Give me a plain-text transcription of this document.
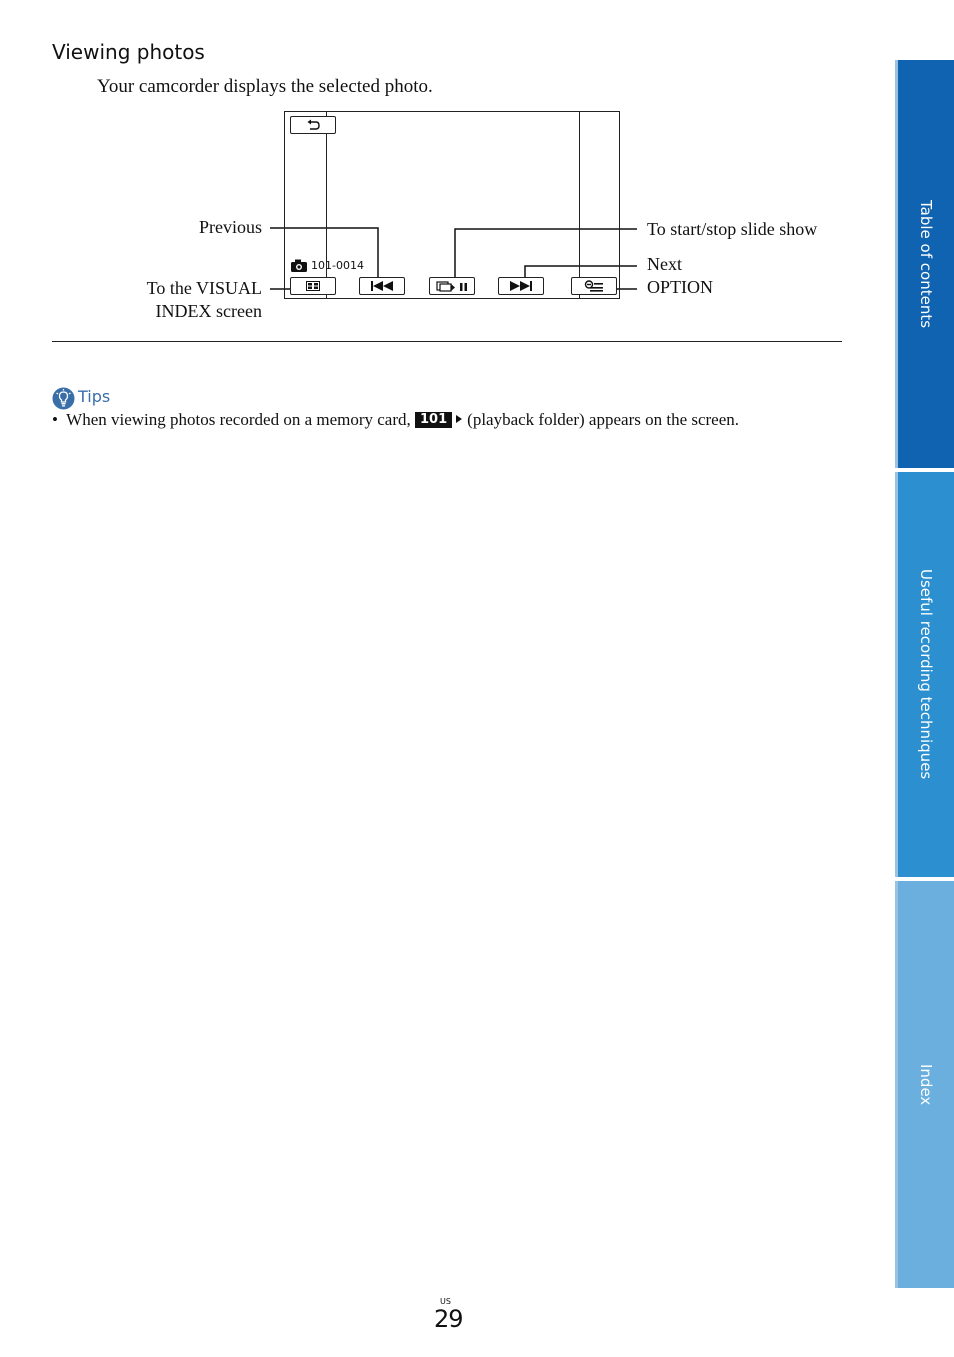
Viewing photos
Your camcorder displays the selected photo.
Previous
To the VISUAL
INDEX screen
To start/stop slide show
Next
OPTION
101-0014
Tips
• When viewing photos recorded on a memory card, 101 (playback folder) appears on the screen.
Table of contents
Useful recording techniques
Index
US
29
